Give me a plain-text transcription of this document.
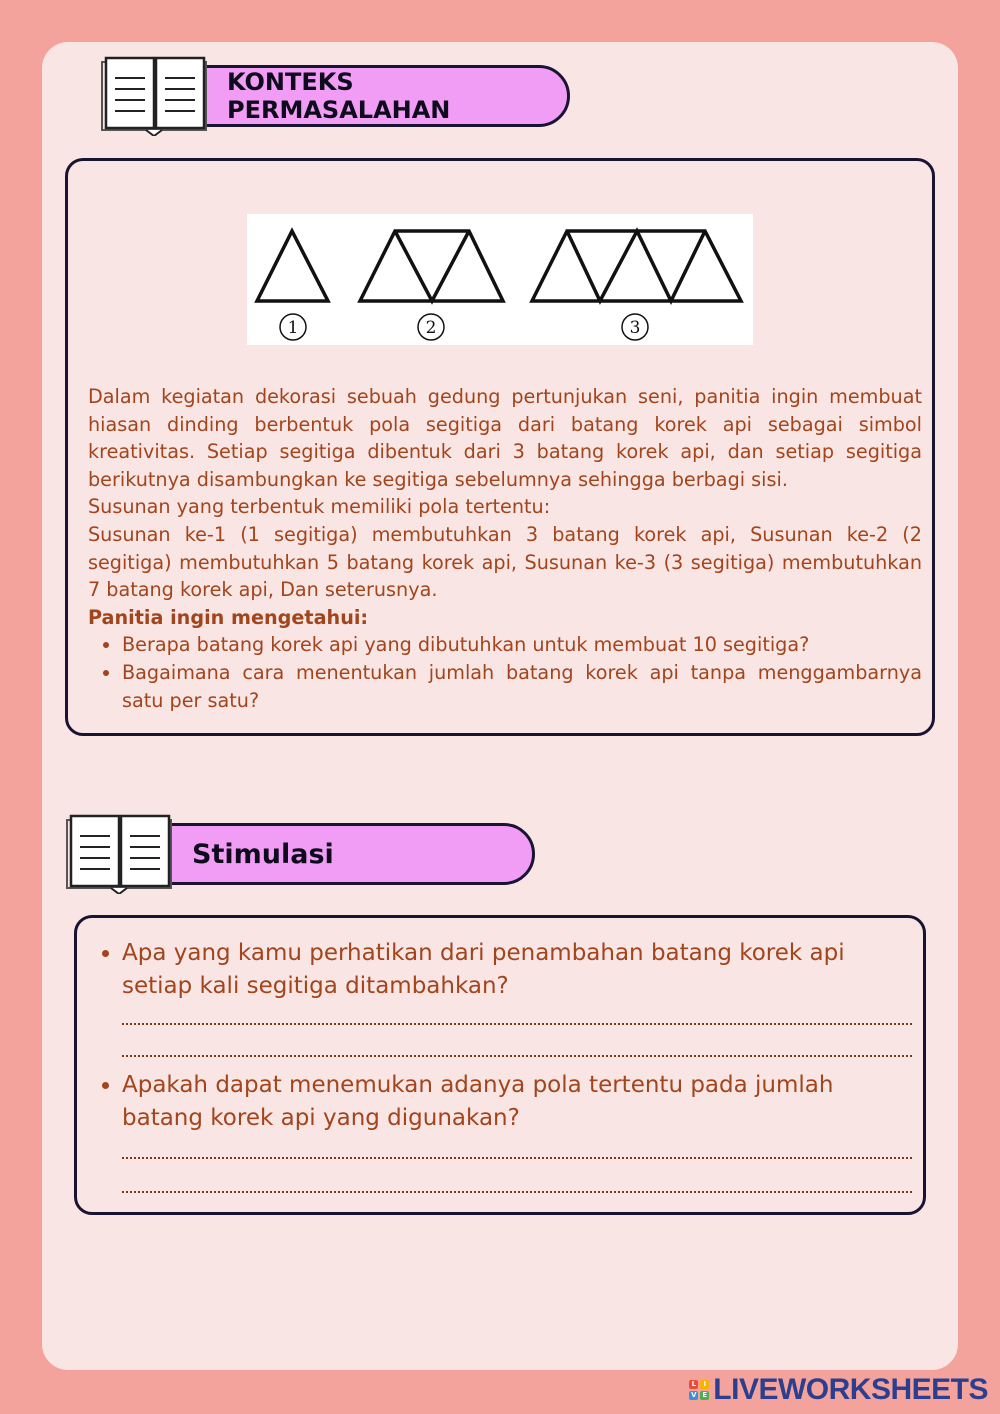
KONTEKS PERMASALAHAN
1	2	3

Dalam kegiatan dekorasi sebuah gedung pertunjukan seni, panitia ingin membuat hiasan dinding berbentuk pola segitiga dari batang korek api sebagai simbol kreativitas. Setiap segitiga dibentuk dari 3 batang korek api, dan setiap segitiga berikutnya disambungkan ke segitiga sebelumnya sehingga berbagi sisi.

Susunan yang terbentuk memiliki pola tertentu:

Susunan ke-1 (1 segitiga) membutuhkan 3 batang korek api, Susunan ke-2 (2 segitiga) membutuhkan 5 batang korek api, Susunan ke-3 (3 segitiga) membutuhkan 7 batang korek api, Dan seterusnya.

Panitia ingin mengetahui:

• Berapa batang korek api yang dibutuhkan untuk membuat 10 segitiga?
• Bagaimana cara menentukan jumlah batang korek api tanpa menggambarnya satu per satu?
Stimulasi
• Apa yang kamu perhatikan dari penambahan batang korek api setiap kali segitiga ditambahkan?
• Apakah dapat menemukan adanya pola tertentu pada jumlah batang korek api yang digunakan?
L	I
V E LIVEWORKSHEETS
